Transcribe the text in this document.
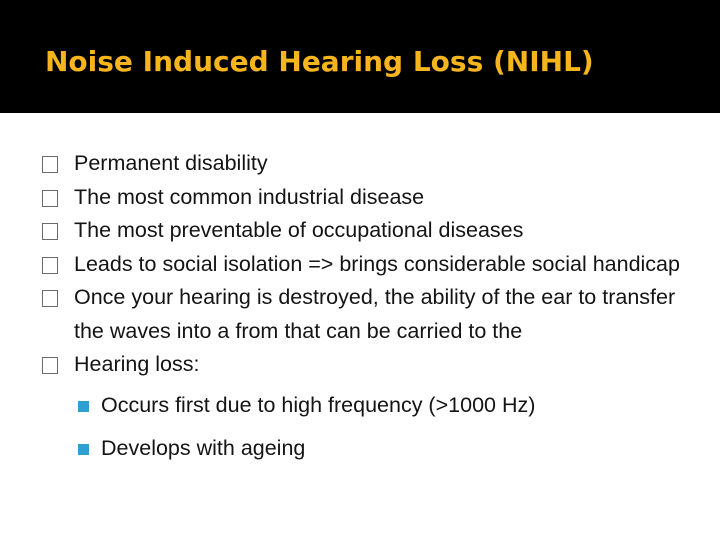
Noise Induced Hearing Loss (NIHL)
Permanent disability
The most common industrial disease
The most preventable of occupational diseases
Leads to social isolation => brings considerable social handicap
Once your hearing is destroyed, the ability of the ear to transfer the waves into a from that can be carried to the
Hearing loss:
Occurs first due to high frequency (>1000 Hz)
Develops with ageing
